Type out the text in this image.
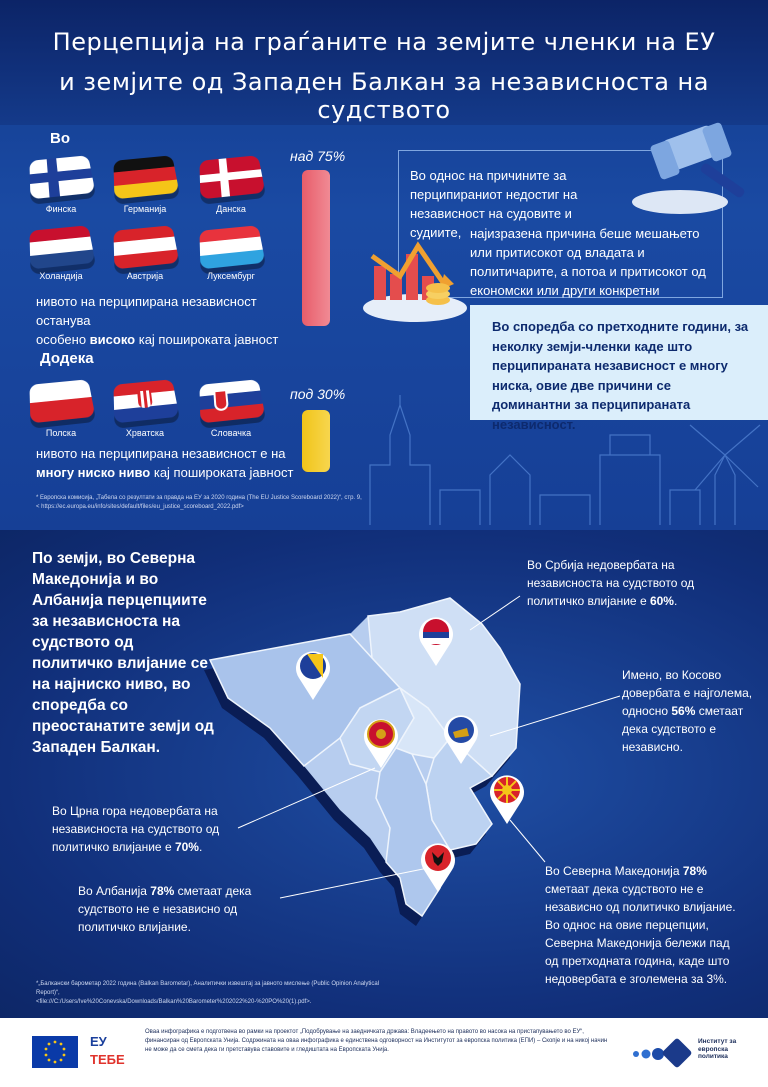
Перцепција на граѓаните на земјите членки на ЕУ
и земјите од Западен Балкан за независноста на судството
Во
Финска	Германија	Данска
Холандија	Австрија	Луксембург
над 75%
нивото на перципирана независност останува
особено високо кај пошироката јавност
Додека
Полска	Хрватска	Словачка
под 30%
нивото на перципирана независност е на
многу ниско ниво кај пошироката јавност
Во однос на причините за перципираниот недостиг на независност на судовите и судиите, најизразена причина беше мешањето или притисокот од владата и политичарите, а потоа и притисокот од економски или други конкретни

Во споредба со претходните години, за неколку земји-членки каде што перципираната независност е многу ниска, овие две причини се доминантни за перципираната независност.

* Европска комисија, „Табела со резултати за правда на ЕУ за 2020 година (The EU Justice Scoreboard 2022)“, стр. 9,
< https://ec.europa.eu/info/sites/default/files/eu_justice_scoreboard_2022.pdf>
По земји, во Северна Македонија и во Албанија перцепциите за независноста на судството од политичко влијание се на најниско ниво, во споредба со преостанатите земји од Западен Балкан.
Во Србија недовербата на независноста на судството од политичко влијание е 60%.
Имено, во Косово довербата е најголема, односно 56% сметаат дека судството е независно.
Во Црна гора недовербата на независноста на судството од политичко влијание е 70%.
Во Албанија 78% сметаат дека судството не е независно од политичко влијание.
Во Северна Македонија 78% сметаат дека судството не е независно од политичко влијание. Во однос на овие перцепции, Северна Македонија бележи пад од претходната година, каде што недовербата е зголемена за 3%.
*„Балкански барометар 2022 година (Balkan Barometar), Аналитички извештај за јавното мислење (Public Opinion Analytical Report)“,
<file:///C:/Users/Ive%20Conevska/Downloads/Balkan%20Barometer%202022%20-%20PO%20(1).pdf>.
ЕУ
ТЕБЕ
Оваа инфографика е подготвена во рамки на проектот „Подобрување на заедничката држава: Владеењето на правото во насока на пристапувањето во ЕУ“, финансиран од Европската Унија. Содржината на оваа инфографика е единствена одговорност на Институтот за европска политика (ЕПИ) – Скопје и на никој начин не може да се смета дека ги претставува ставовите и гледиштата на Европската Унија.
Институт за европска политика
